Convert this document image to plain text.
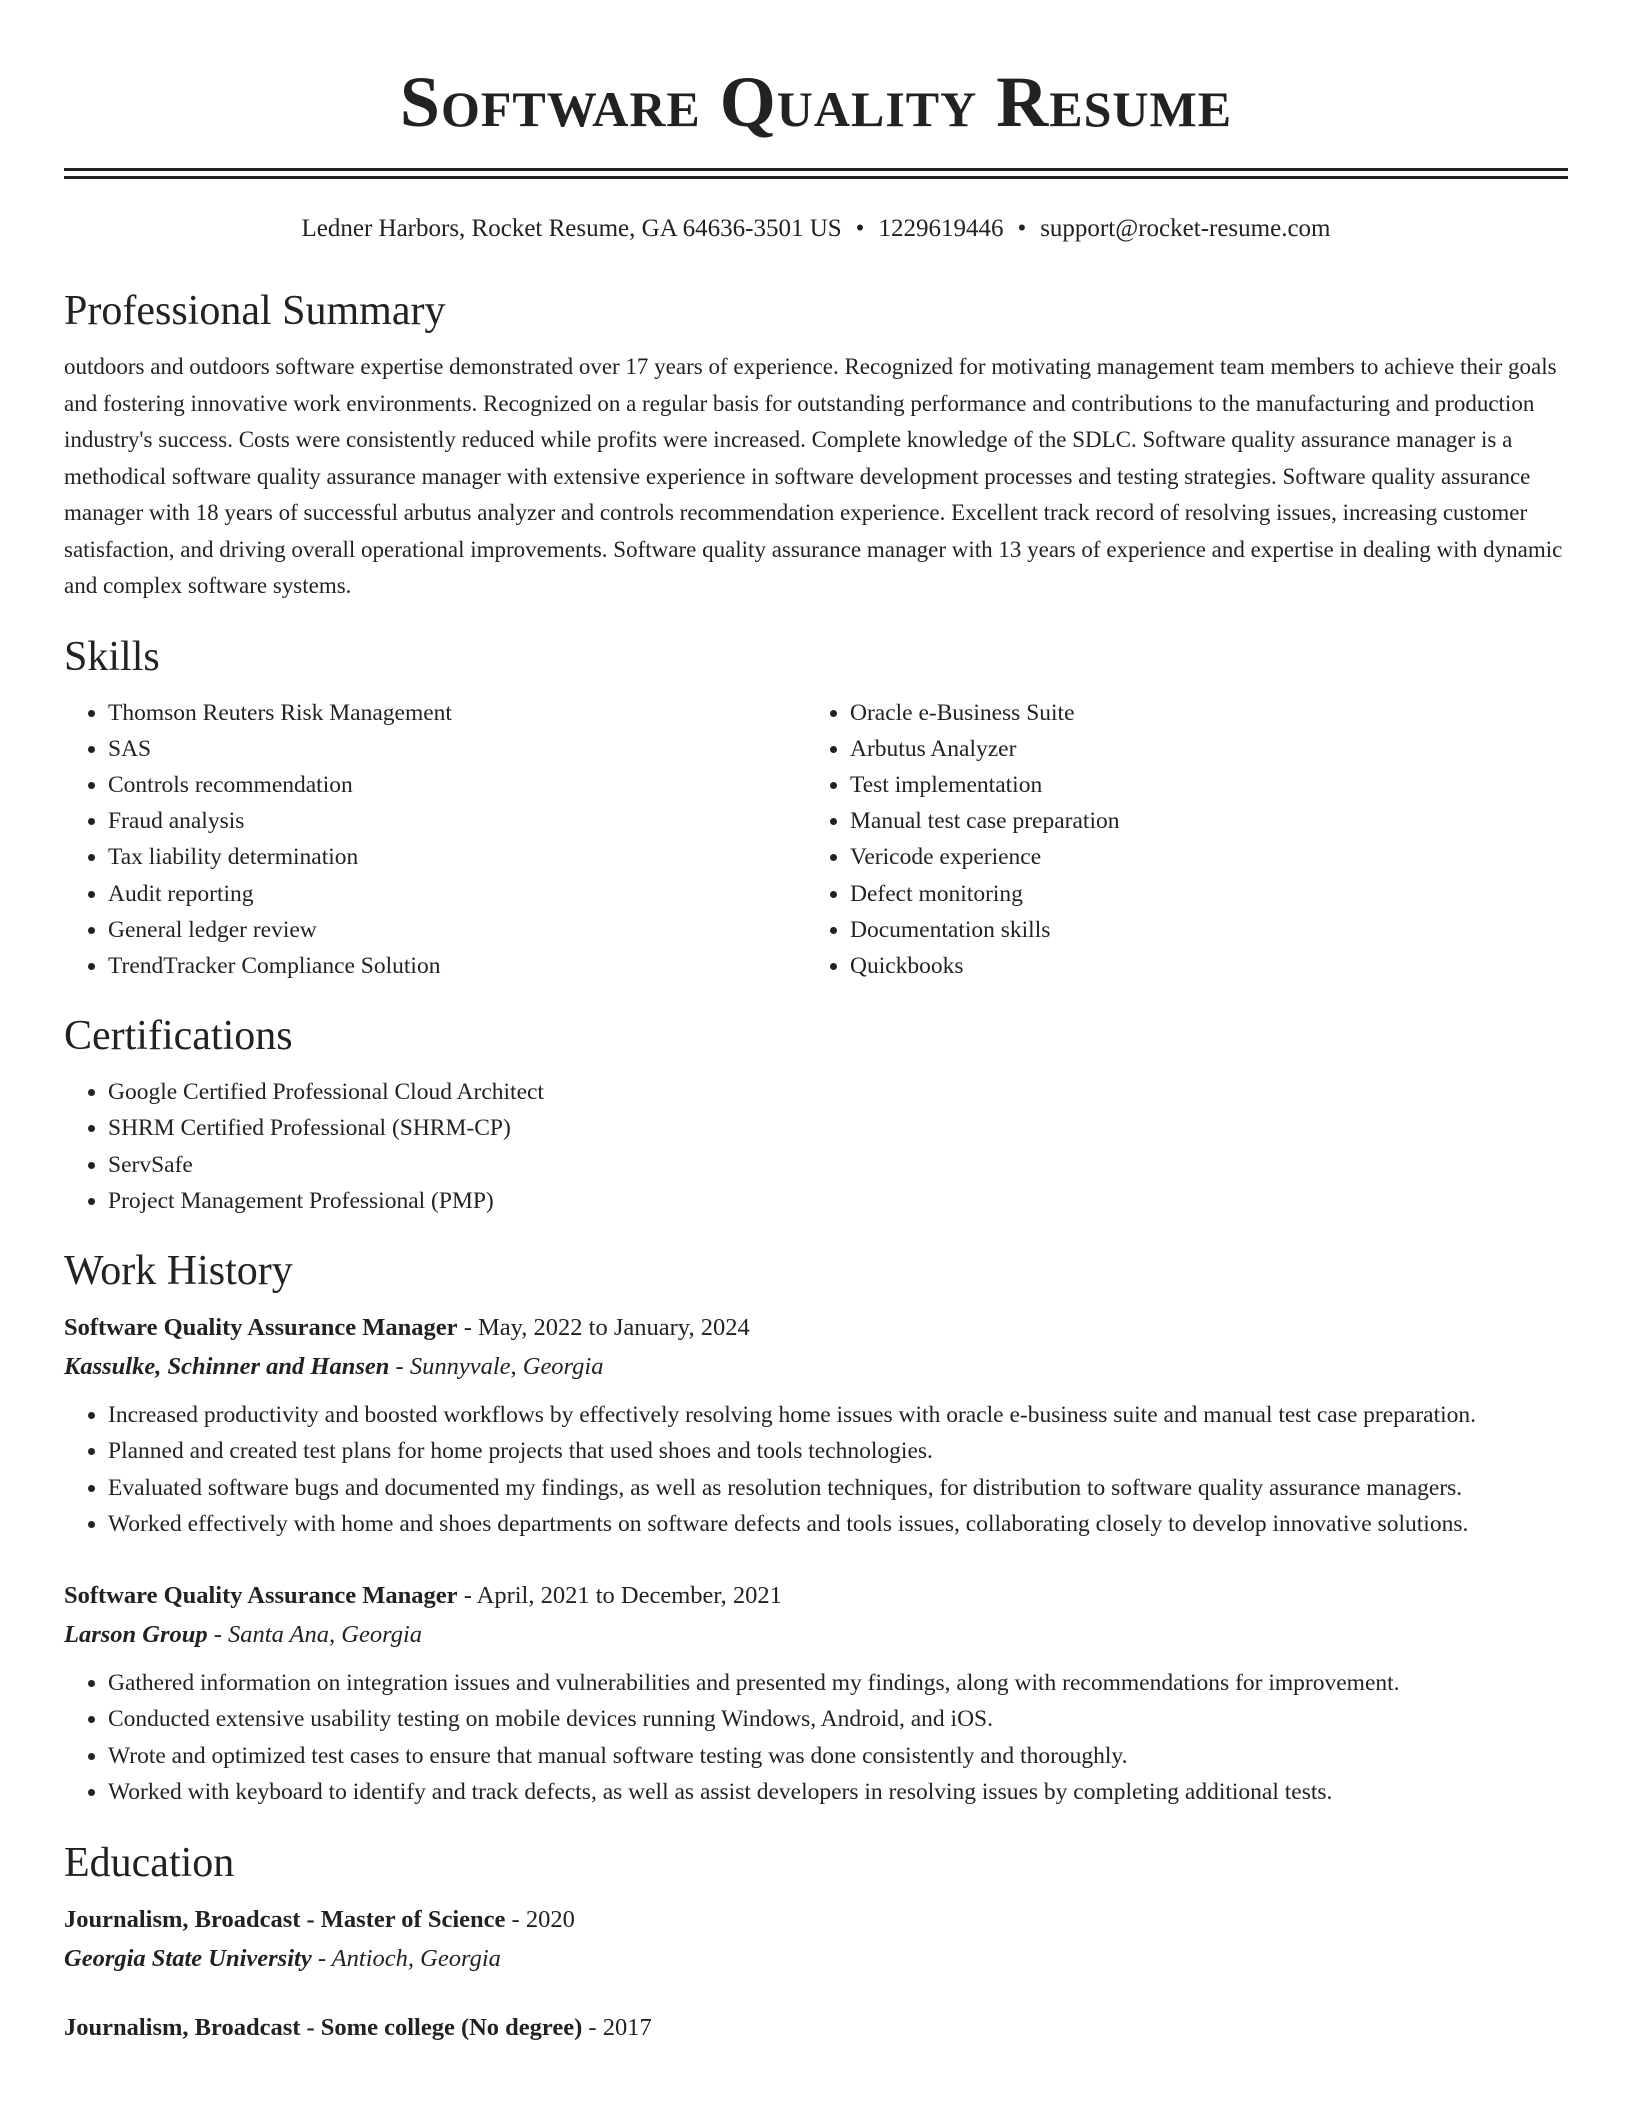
Software Quality Resume
Ledner Harbors, Rocket Resume, GA 64636-3501 US • 1229619446 • support@rocket-resume.com
Professional Summary

outdoors and outdoors software expertise demonstrated over 17 years of experience. Recognized for motivating management team members to achieve their goals and fostering innovative work environments. Recognized on a regular basis for outstanding performance and contributions to the manufacturing and production industry's success. Costs were consistently reduced while profits were increased. Complete knowledge of the SDLC. Software quality assurance manager is a methodical software quality assurance manager with extensive experience in software development processes and testing strategies. Software quality assurance manager with 18 years of successful arbutus analyzer and controls recommendation experience. Excellent track record of resolving issues, increasing customer satisfaction, and driving overall operational improvements. Software quality assurance manager with 13 years of experience and expertise in dealing with dynamic and complex software systems.

Skills
• Thomson Reuters Risk Management
• SAS
• Controls recommendation
• Fraud analysis
• Tax liability determination
• Audit reporting
• General ledger review
• TrendTracker Compliance Solution
• Oracle e-Business Suite
• Arbutus Analyzer
• Test implementation
• Manual test case preparation
• Vericode experience
• Defect monitoring
• Documentation skills
• Quickbooks
Certifications
• Google Certified Professional Cloud Architect
• SHRM Certified Professional (SHRM-CP)
• ServSafe
• Project Management Professional (PMP)
Work History
Software Quality Assurance Manager - May, 2022 to January, 2024
Kassulke, Schinner and Hansen - Sunnyvale, Georgia
• Increased productivity and boosted workflows by effectively resolving home issues with oracle e-business suite and manual test case preparation.
• Planned and created test plans for home projects that used shoes and tools technologies.
• Evaluated software bugs and documented my findings, as well as resolution techniques, for distribution to software quality assurance managers.
• Worked effectively with home and shoes departments on software defects and tools issues, collaborating closely to develop innovative solutions.
Software Quality Assurance Manager - April, 2021 to December, 2021
Larson Group - Santa Ana, Georgia
• Gathered information on integration issues and vulnerabilities and presented my findings, along with recommendations for improvement.
• Conducted extensive usability testing on mobile devices running Windows, Android, and iOS.
• Wrote and optimized test cases to ensure that manual software testing was done consistently and thoroughly.
• Worked with keyboard to identify and track defects, as well as assist developers in resolving issues by completing additional tests.
Education
Journalism, Broadcast - Master of Science - 2020
Georgia State University - Antioch, Georgia
Journalism, Broadcast - Some college (No degree) - 2017
